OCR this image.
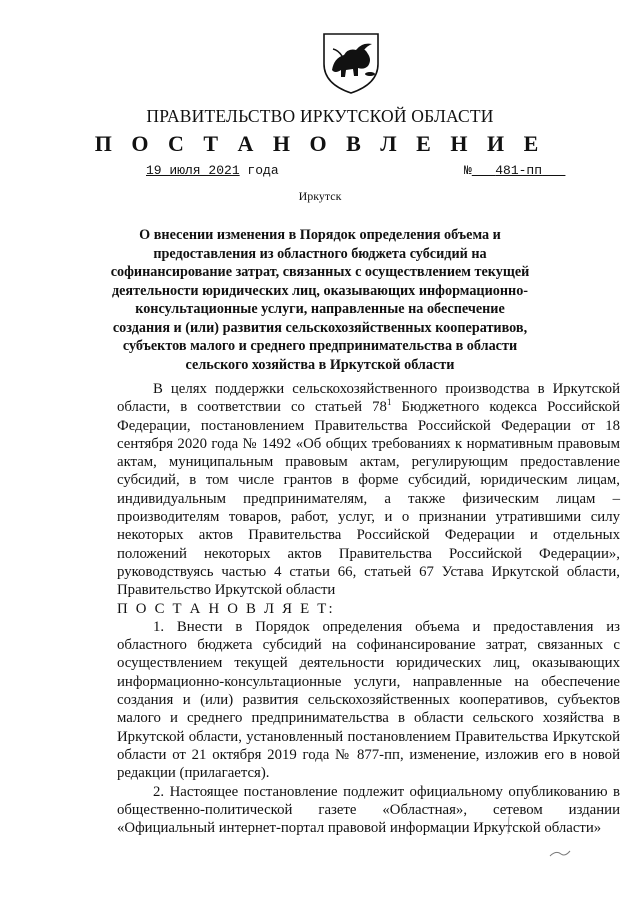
ПРАВИТЕЛЬСТВО ИРКУТСКОЙ ОБЛАСТИ
П О С Т А Н О В Л Е Н И Е
19 июля 2021 года	№ 481-пп
Иркутск
О внесении изменения в Порядок определения объема и предоставления из областного бюджета субсидий на софинансирование затрат, связанных с осуществлением текущей деятельности юридических лиц, оказывающих информационно-консультационные услуги, направленные на обеспечение создания и (или) развития сельскохозяйственных кооперативов, субъектов малого и среднего предпринимательства в области сельского хозяйства в Иркутской области

В целях поддержки сельскохозяйственного производства в Иркутской области, в соответствии со статьей $78^1$ Бюджетного кодекса Российской Федерации, постановлением Правительства Российской Федерации от 18 сентября 2020 года № 1492 «Об общих требованиях к нормативным правовым актам, муниципальным правовым актам, регулирующим предоставление субсидий, в том числе грантов в форме субсидий, юридическим лицам, индивидуальным предпринимателям, а также физическим лицам – производителям товаров, работ, услуг, и о признании утратившими силу некоторых актов Правительства Российской Федерации и отдельных положений некоторых актов Правительства Российской Федерации», руководствуясь частью 4 статьи 66, статьей 67 Устава Иркутской области, Правительство Иркутской области

П О С Т А Н О В Л Я Е Т:

1. Внести в Порядок определения объема и предоставления из областного бюджета субсидий на софинансирование затрат, связанных с осуществлением текущей деятельности юридических лиц, оказывающих информационно-консультационные услуги, направленные на обеспечение создания и (или) развития сельскохозяйственных кооперативов, субъектов малого и среднего предпринимательства в области сельского хозяйства в Иркутской области, установленный постановлением Правительства Иркутской области от 21 октября 2019 года № 877-пп, изменение, изложив его в новой редакции (прилагается).

2. Настоящее постановление подлежит официальному опубликованию в общественно-политической газете «Областная», сетевом издании «Официальный интернет-портал правовой информации Иркутской области»
